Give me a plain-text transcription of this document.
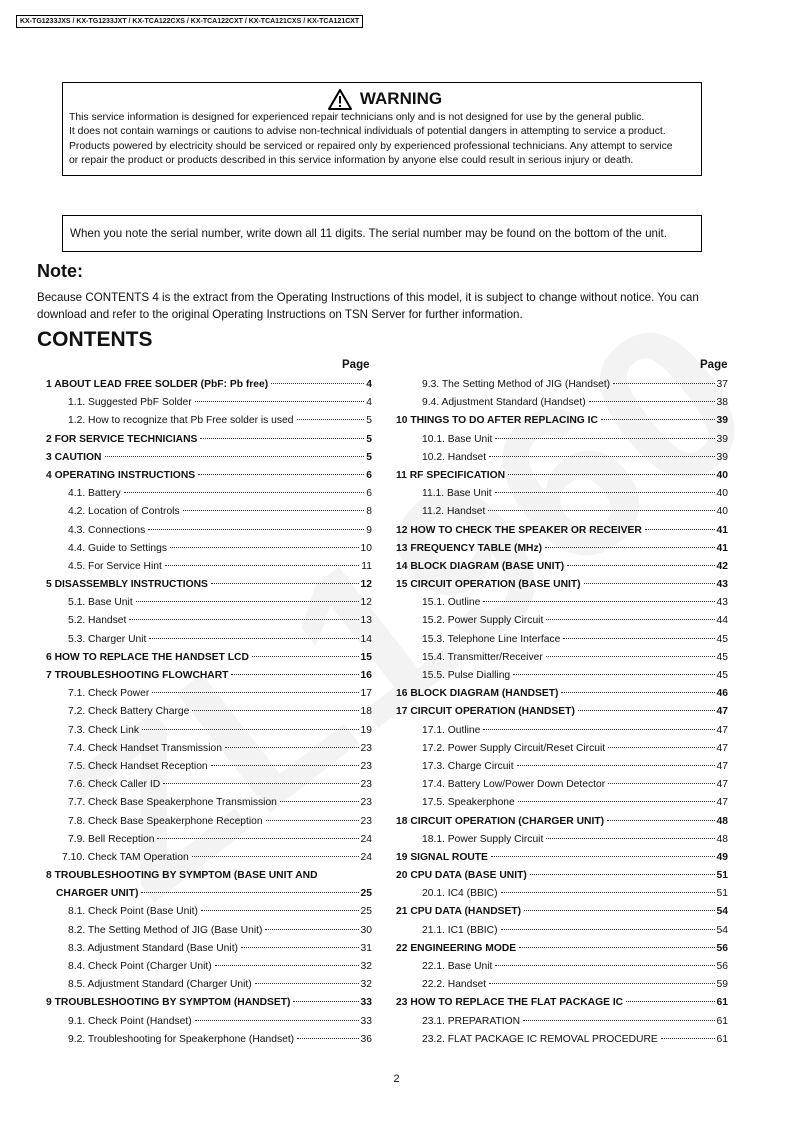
KX-TG1233JXS / KX-TG1233JXT / KX-TCA122CXS / KX-TCA122CXT / KX-TCA121CXS / KX-TCA121CXT
WARNING
This service information is designed for experienced repair technicians only and is not designed for use by the general public.
It does not contain warnings or cautions to advise non-technical individuals of potential dangers in attempting to service a product.
Products powered by electricity should be serviced or repaired only by experienced professional technicians. Any attempt to service
or repair the product or products described in this service information by anyone else could result in serious injury or death.
When you note the serial number, write down all 11 digits. The serial number may be found on the bottom of the unit.
Note:
Because CONTENTS 4 is the extract from the Operating Instructions of this model, it is subject to change without notice. You can download and refer to the original Operating Instructions on TSN Server for further information.
CONTENTS
Page	Page
1 ABOUT LEAD FREE SOLDER (PbF: Pb free)	4
1.1. Suggested PbF Solder	4
1.2. How to recognize that Pb Free solder is used	5
2 FOR SERVICE TECHNICIANS	5
3 CAUTION	5
4 OPERATING INSTRUCTIONS	6
4.1. Battery	6
4.2. Location of Controls	8
4.3. Connections	9
4.4. Guide to Settings	10
4.5. For Service Hint	11
5 DISASSEMBLY INSTRUCTIONS	12
5.1. Base Unit	12
5.2. Handset	13
5.3. Charger Unit	14
6 HOW TO REPLACE THE HANDSET LCD	15
7 TROUBLESHOOTING FLOWCHART	16
7.1. Check Power	17
7.2. Check Battery Charge	18
7.3. Check Link	19
7.4. Check Handset Transmission	23
7.5. Check Handset Reception	23
7.6. Check Caller ID	23
7.7. Check Base Speakerphone Transmission	23
7.8. Check Base Speakerphone Reception	23
7.9. Bell Reception	24
7.10. Check TAM Operation	24
8 TROUBLESHOOTING BY SYMPTOM (BASE UNIT AND
CHARGER UNIT)	25
8.1. Check Point (Base Unit)	25
8.2. The Setting Method of JIG (Base Unit)	30
8.3. Adjustment Standard (Base Unit)	31
8.4. Check Point (Charger Unit)	32
8.5. Adjustment Standard (Charger Unit)	32
9 TROUBLESHOOTING BY SYMPTOM (HANDSET)	33
9.1. Check Point (Handset)	33
9.2. Troubleshooting for Speakerphone (Handset)	36
9.3. The Setting Method of JIG (Handset)	37
9.4. Adjustment Standard (Handset)	38
10 THINGS TO DO AFTER REPLACING IC	39
10.1. Base Unit	39
10.2. Handset	39
11 RF SPECIFICATION	40
11.1. Base Unit	40
11.2. Handset	40
12 HOW TO CHECK THE SPEAKER OR RECEIVER	41
13 FREQUENCY TABLE (MHz)	41
14 BLOCK DIAGRAM (BASE UNIT)	42
15 CIRCUIT OPERATION (BASE UNIT)	43
15.1. Outline	43
15.2. Power Supply Circuit	44
15.3. Telephone Line Interface	45
15.4. Transmitter/Receiver	45
15.5. Pulse Dialling	45
16 BLOCK DIAGRAM (HANDSET)	46
17 CIRCUIT OPERATION (HANDSET)	47
17.1. Outline	47
17.2. Power Supply Circuit/Reset Circuit	47
17.3. Charge Circuit	47
17.4. Battery Low/Power Down Detector	47
17.5. Speakerphone	47
18 CIRCUIT OPERATION (CHARGER UNIT)	48
18.1. Power Supply Circuit	48
19 SIGNAL ROUTE	49
20 CPU DATA (BASE UNIT)	51
20.1. IC4 (BBIC)	51
21 CPU DATA (HANDSET)	54
21.1. IC1 (BBIC)	54
22 ENGINEERING MODE	56
22.1. Base Unit	56
22.2. Handset	59
23 HOW TO REPLACE THE FLAT PACKAGE IC	61
23.1. PREPARATION	61
23.2. FLAT PACKAGE IC REMOVAL PROCEDURE	61
2
